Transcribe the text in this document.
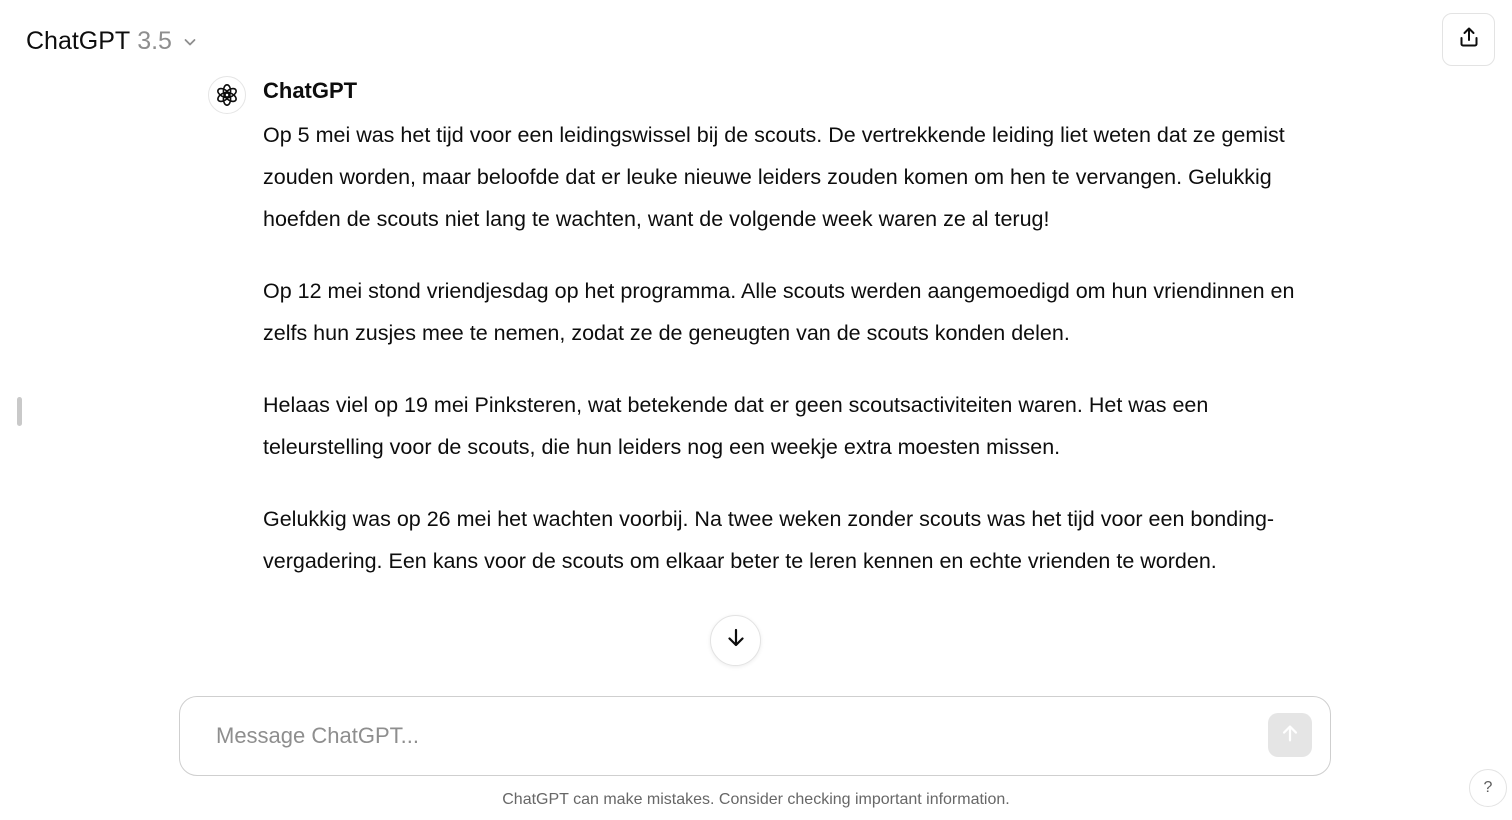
ChatGPT 3.5
ChatGPT

Op 5 mei was het tijd voor een leidingswissel bij de scouts. De vertrekkende leiding liet weten dat ze gemist zouden worden, maar beloofde dat er leuke nieuwe leiders zouden komen om hen te vervangen. Gelukkig hoefden de scouts niet lang te wachten, want de volgende week waren ze al terug!

Op 12 mei stond vriendjesdag op het programma. Alle scouts werden aangemoedigd om hun vriendinnen en zelfs hun zusjes mee te nemen, zodat ze de geneugten van de scouts konden delen.

Helaas viel op 19 mei Pinksteren, wat betekende dat er geen scoutsactiviteiten waren. Het was een teleurstelling voor de scouts, die hun leiders nog een weekje extra moesten missen.

Gelukkig was op 26 mei het wachten voorbij. Na twee weken zonder scouts was het tijd voor een bonding-vergadering. Een kans voor de scouts om elkaar beter te leren kennen en echte vrienden te worden.

Message ChatGPT...
ChatGPT can make mistakes. Consider checking important information.
?
